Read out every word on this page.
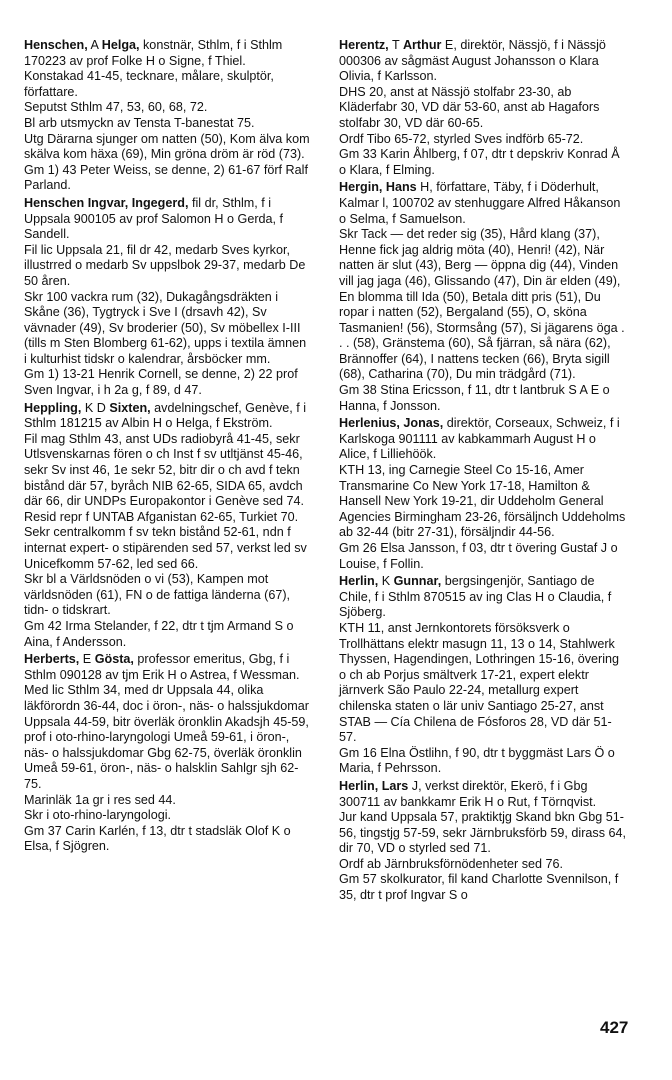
Henschen, A Helga, konstnär, Sthlm, f i Sthlm 170223 av prof Folke H o Signe, f Thiel.
Konstakad 41-45, tecknare, målare, skulptör, författare.
Seputst Sthlm 47, 53, 60, 68, 72.
Bl arb utsmyckn av Tensta T-banestat 75.
Utg Därarna sjunger om natten (50), Kom älva kom skälva kom häxa (69), Min gröna dröm är röd (73).
Gm 1) 43 Peter Weiss, se denne, 2) 61-67 förf Ralf Parland.
Henschen Ingvar, Ingegerd, fil dr, Sthlm, f i Uppsala 900105 av prof Salomon H o Gerda, f Sandell.
Fil lic Uppsala 21, fil dr 42, medarb Sves kyrkor, illustrred o medarb Sv uppslbok 29-37, medarb De 50 åren.
Skr 100 vackra rum (32), Dukagångsdräkten i Skåne (36), Tygtryck i Sve I (drsavh 42), Sv vävnader (49), Sv broderier (50), Sv möbellex I-III (tills m Sten Blomberg 61-62), upps i textila ämnen i kulturhist tidskr o kalendrar, årsböcker mm.
Gm 1) 13-21 Henrik Cornell, se denne, 2) 22 prof Sven Ingvar, i h 2a g, f 89, d 47.
Heppling, K D Sixten, avdelningschef, Genève, f i Sthlm 181215 av Albin H o Helga, f Ekström.
Fil mag Sthlm 43, anst UDs radiobyrå 41-45, sekr Utlsvenskarnas fören o ch Inst f sv utltjänst 45-46, sekr Sv inst 46, 1e sekr 52, bitr dir o ch avd f tekn bistånd där 57, byråch NIB 62-65, SIDA 65, avdch där 66, dir UNDPs Europakontor i Genève sed 74.
Resid repr f UNTAB Afganistan 62-65, Turkiet 70.
Sekr centralkomm f sv tekn bistånd 52-61, ndn f internat expert- o stipärenden sed 57, verkst led sv Unicefkomm 57-62, led sed 66.
Skr bl a Världsnöden o vi (53), Kampen mot världsnöden (61), FN o de fattiga länderna (67), tidn- o tidskrart.
Gm 42 Irma Stelander, f 22, dtr t tjm Armand S o Aina, f Andersson.
Herberts, E Gösta, professor emeritus, Gbg, f i Sthlm 090128 av tjm Erik H o Astrea, f Wessman.
Med lic Sthlm 34, med dr Uppsala 44, olika läkförordn 36-44, doc i öron-, näs- o halssjukdomar Uppsala 44-59, bitr överläk öronklin Akadsjh 45-59, prof i oto-rhino-laryngologi Umeå 59-61, i öron-, näs- o halssjukdomar Gbg 62-75, överläk öronklin Umeå 59-61, öron-, näs- o halsklin Sahlgr sjh 62-75.
Marinläk 1a gr i res sed 44.
Skr i oto-rhino-laryngologi.
Gm 37 Carin Karlén, f 13, dtr t stadsläk Olof K o Elsa, f Sjögren.
Herentz, T Arthur E, direktör, Nässjö, f i Nässjö 000306 av sågmäst August Johansson o Klara Olivia, f Karlsson.
DHS 20, anst at Nässjö stolfabr 23-30, ab Kläderfabr 30, VD där 53-60, anst ab Hagafors stolfabr 30, VD där 60-65.
Ordf Tibo 65-72, styrled Sves indförb 65-72.
Gm 33 Karin Åhlberg, f 07, dtr t depskriv Konrad Å o Klara, f Elming.
Hergin, Hans H, författare, Täby, f i Döderhult, Kalmar l, 100702 av stenhuggare Alfred Håkanson o Selma, f Samuelson.
Skr Tack — det reder sig (35), Hård klang (37), Henne fick jag aldrig möta (40), Henri! (42), När natten är slut (43), Berg — öppna dig (44), Vinden vill jag jaga (46), Glissando (47), Din är elden (49), En blomma till Ida (50), Betala ditt pris (51), Du ropar i natten (52), Bergaland (55), O, sköna Tasmanien! (56), Stormsång (57), Si jägarens öga . . . (58), Gränstema (60), Så fjärran, så nära (62), Brännoffer (64), I nattens tecken (66), Bryta sigill (68), Catharina (70), Du min trädgård (71).
Gm 38 Stina Ericsson, f 11, dtr t lantbruk S A E o Hanna, f Jonsson.
Herlenius, Jonas, direktör, Corseaux, Schweiz, f i Karlskoga 901111 av kabkammarh August H o Alice, f Lilliehöök.
KTH 13, ing Carnegie Steel Co 15-16, Amer Transmarine Co New York 17-18, Hamilton & Hansell New York 19-21, dir Uddeholm General Agencies Birmingham 23-26, försäljnch Uddeholms ab 32-44 (bitr 27-31), försäljndir 44-56.
Gm 26 Elsa Jansson, f 03, dtr t övering Gustaf J o Louise, f Follin.
Herlin, K Gunnar, bergsingenjör, Santiago de Chile, f i Sthlm 870515 av ing Clas H o Claudia, f Sjöberg.
KTH 11, anst Jernkontorets försöksverk o Trollhättans elektr masugn 11, 13 o 14, Stahlwerk Thyssen, Hagendingen, Lothringen 15-16, övering o ch ab Porjus smältverk 17-21, expert elektr järnverk São Paulo 22-24, metallurg expert chilenska staten o lär univ Santiago 25-27, anst STAB — Cía Chilena de Fósforos 28, VD där 51-57.
Gm 16 Elna Östlihn, f 90, dtr t byggmäst Lars Ö o Maria, f Pehrsson.
Herlin, Lars J, verkst direktör, Ekerö, f i Gbg 300711 av bankkamr Erik H o Rut, f Törnqvist.
Jur kand Uppsala 57, praktiktjg Skand bkn Gbg 51-56, tingstjg 57-59, sekr Järnbruksförb 59, dirass 64, dir 70, VD o styrled sed 71.
Ordf ab Järnbruksförnödenheter sed 76.
Gm 57 skolkurator, fil kand Charlotte Svennilson, f 35, dtr t prof Ingvar S o
427
